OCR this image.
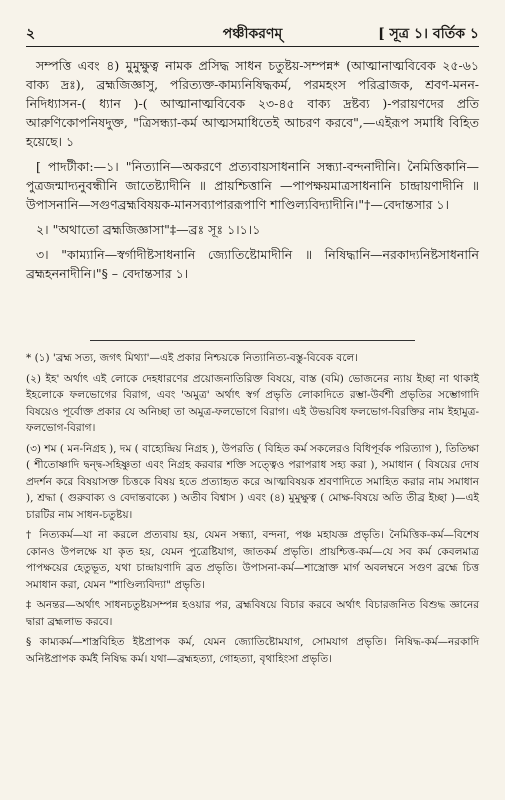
২	পঞ্চীকরণম্	[ সূত্র ১। বর্তিক ১

সম্পত্তি এবং ৪) মুমুক্ষুত্ব নামক প্রসিদ্ধ সাধন চতুষ্টয়-সম্পন্ন* (আত্মানাত্মবিবেক ২৫-৬১ বাক্য দ্রঃ), ব্রহ্মজিজ্ঞাসু, পরিত্যক্ত-কাম্যনিষিদ্ধকর্ম, পরমহংস পরিব্রাজক, শ্রবণ-মনন-নিদিধ্যাসন-( ধ্যান )-( আত্মানাত্মবিবেক ২৩-৪৫ বাক্য দ্রষ্টব্য )-পরায়ণদের প্রতি আরুণিকোপনিষদুক্ত, "ত্রিসন্ধ্যা-কর্ম আত্মসমাধিতেই আচরণ করবে",—এইরূপ সমাধি বিহিত হয়েছে। ১

[ পাদটীকা:—১। "নিত্যানি—অকরণে প্রত্যবায়সাধনানি সন্ধ্যা-বন্দনাদীনি। নৈমিত্তিকানি—পুত্রজন্মাদ্যনুবন্ধীনি জাতেষ্ট্যাদীনি ॥ প্রায়শ্চিত্তানি —পাপক্ষয়মাত্রসাধনানি চান্দ্রায়ণাদীনি ॥ উপাসনানি—সগুণব্রহ্মবিষয়ক-মানসব্যাপাররূপাণি শাণ্ডিল্যবিদ্যাদীনি।"†—বেদান্তসার ১।

২। "অথাতো ব্রহ্মজিজ্ঞাসা"‡—ব্রঃ সূঃ ১।১।১

৩। "কাম্যানি—স্বর্গাদীষ্টসাধনানি জ্যোতিষ্টোমাদীনি ॥ নিষিদ্ধানি—নরকাদ্যনিষ্টসাধনানি ব্রহ্মহননাদীনি।"§ – বেদান্তসার ১।

* (১) 'ব্রহ্ম সত্য, জগৎ মিথ্যা'—এই প্রকার নিশ্চয়কে নিত্যানিত্য-বস্তু-বিবেক বলে।

(২) ইহ' অর্থাৎ এই লোকে দেহধারণের প্রয়োজনাতিরিক্ত বিষয়ে, বাস্ত (বমি) ভোজনের ন্যায় ইচ্ছা না থাকাই ইহলোকে ফলভোগের বিরাগ, এবং 'অমুত্র' অর্থাৎ স্বর্গ প্রভৃতি লোকাদিতে রম্ভা-উর্বশী প্রভৃতির সম্ভোগাদি বিষয়েও পূর্বোক্ত প্রকার যে অনিচ্ছা তা অমুত্র-ফলভোগে বিরাগ। এই উভয়বিধ ফলভোগ-বিরক্তির নাম ইহামুত্র-ফলভোগ-বিরাগ।

(৩) শম ( মন-নিগ্রহ ), দম ( বাহ্যেন্দ্রিয় নিগ্রহ ), উপরতি ( বিহিত কর্ম সকলেরও বিধিপূর্বক পরিত্যাগ ), তিতিক্ষা ( শীতোষ্ণাদি দ্বন্দ্ব-সহিষ্ণুতা এবং নিগ্রহ করবার শক্তি সত্ত্বেও পরাপরাধ সহ্য করা ), সমাধান ( বিষয়ের দোষ প্রদর্শন করে বিষয়াসক্ত চিত্তকে বিষয় হতে প্রত্যাহৃত করে আত্মবিষয়ক শ্রবণাদিতে সমাহিত করার নাম সমাধান ), শ্রদ্ধা ( গুরুবাক্য ও বেদান্তবাক্যে ) অতীব বিশ্বাস ) এবং (৪) মুমুক্ষুত্ব ( মোক্ষ-বিষয়ে অতি তীব্র ইচ্ছা )—এই চারটির নাম সাধন-চতুষ্টয়।

† নিত্যকর্ম—যা না করলে প্রত্যবায় হয়, যেমন সন্ধ্যা, বন্দনা, পঞ্চ মহাযজ্ঞ প্রভৃতি। নৈমিত্তিক-কর্ম—বিশেষ কোনও উপলক্ষে যা কৃত হয়, যেমন পুত্রেষ্টিযাগ, জাতকর্ম প্রভৃতি। প্রায়শ্চিত্ত-কর্ম—যে সব কর্ম কেবলমাত্র পাপক্ষয়ের হেতুভূত, যথা চান্দ্রায়ণাদি ব্রত প্রভৃতি। উপাসনা-কর্ম—শাস্ত্রোক্ত মার্গ অবলম্বনে সগুণ ব্রহ্মে চিত্ত সমাধান করা, যেমন "শাণ্ডিল্যবিদ্যা" প্রভৃতি।

‡ অনন্তর—অর্থাৎ সাধনচতুষ্টয়সম্পন্ন হওয়ার পর, ব্রহ্মবিষয়ে বিচার করবে অর্থাৎ বিচারজনিত বিশুদ্ধ জ্ঞানের দ্বারা ব্রহ্মলাভ করবে।

§ কাম্যকর্ম—শাস্ত্রবিহিত ইষ্টপ্রাপক কর্ম, যেমন জ্যোতিষ্টোমযাগ, সোমযাগ প্রভৃতি। নিষিদ্ধ-কর্ম—নরকাদি অনিষ্টপ্রাপক কর্মই নিষিদ্ধ কর্ম। যথা—ব্রহ্মহত্যা, গোহত্যা, বৃথাহিংসা প্রভৃতি।
